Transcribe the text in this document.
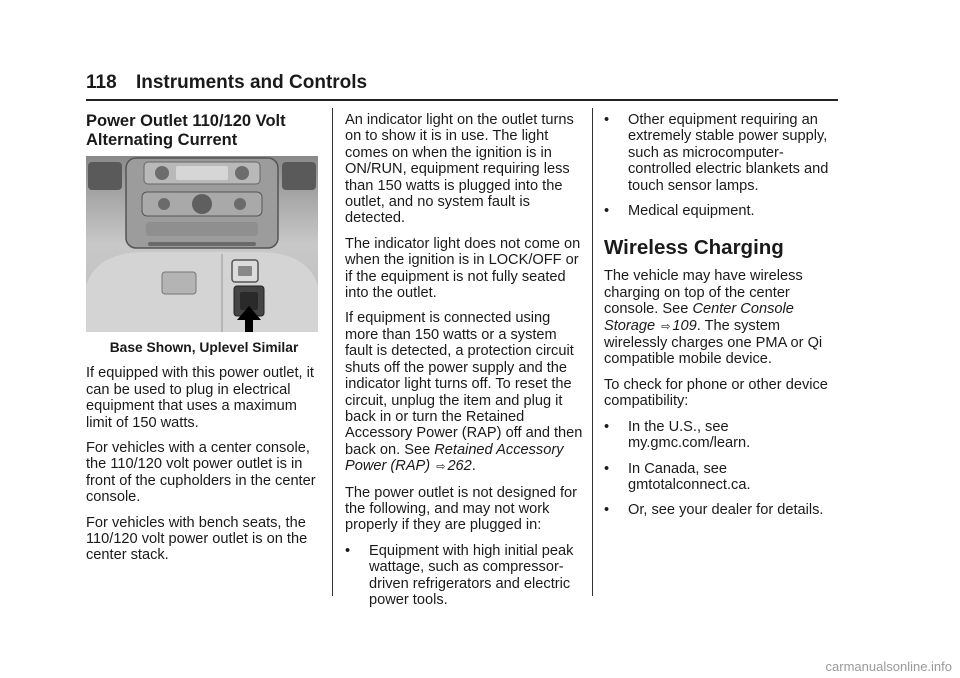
118 Instruments and Controls
Power Outlet 110/120 Volt Alternating Current
Base Shown, Uplevel Similar

If equipped with this power outlet, it can be used to plug in electrical equipment that uses a maximum limit of 150 watts.

For vehicles with a center console, the 110/120 volt power outlet is in front of the cupholders in the center console.

For vehicles with bench seats, the 110/120 volt power outlet is on the center stack.

An indicator light on the outlet turns on to show it is in use. The light comes on when the ignition is in ON/RUN, equipment requiring less than 150 watts is plugged into the outlet, and no system fault is detected.

The indicator light does not come on when the ignition is in LOCK/OFF or if the equipment is not fully seated into the outlet.

If equipment is connected using more than 150 watts or a system fault is detected, a protection circuit shuts off the power supply and the indicator light turns off. To reset the circuit, unplug the item and plug it back in or turn the Retained Accessory Power (RAP) off and then back on. See Retained Accessory Power (RAP) ⇨ 262.

The power outlet is not designed for the following, and may not work properly if they are plugged in:

•	Equipment with high initial peak wattage, such as compressor-driven refrigerators and electric power tools.
•	Other equipment requiring an extremely stable power supply, such as microcomputer-controlled electric blankets and touch sensor lamps.
•	Medical equipment.
Wireless Charging

The vehicle may have wireless charging on top of the center console. See Center Console Storage ⇨ 109. The system wirelessly charges one PMA or Qi compatible mobile device.

To check for phone or other device compatibility:

•	In the U.S., see my.gmc.com/learn.
•	In Canada, see gmtotalconnect.ca.
•	Or, see your dealer for details.
carmanualsonline.info
